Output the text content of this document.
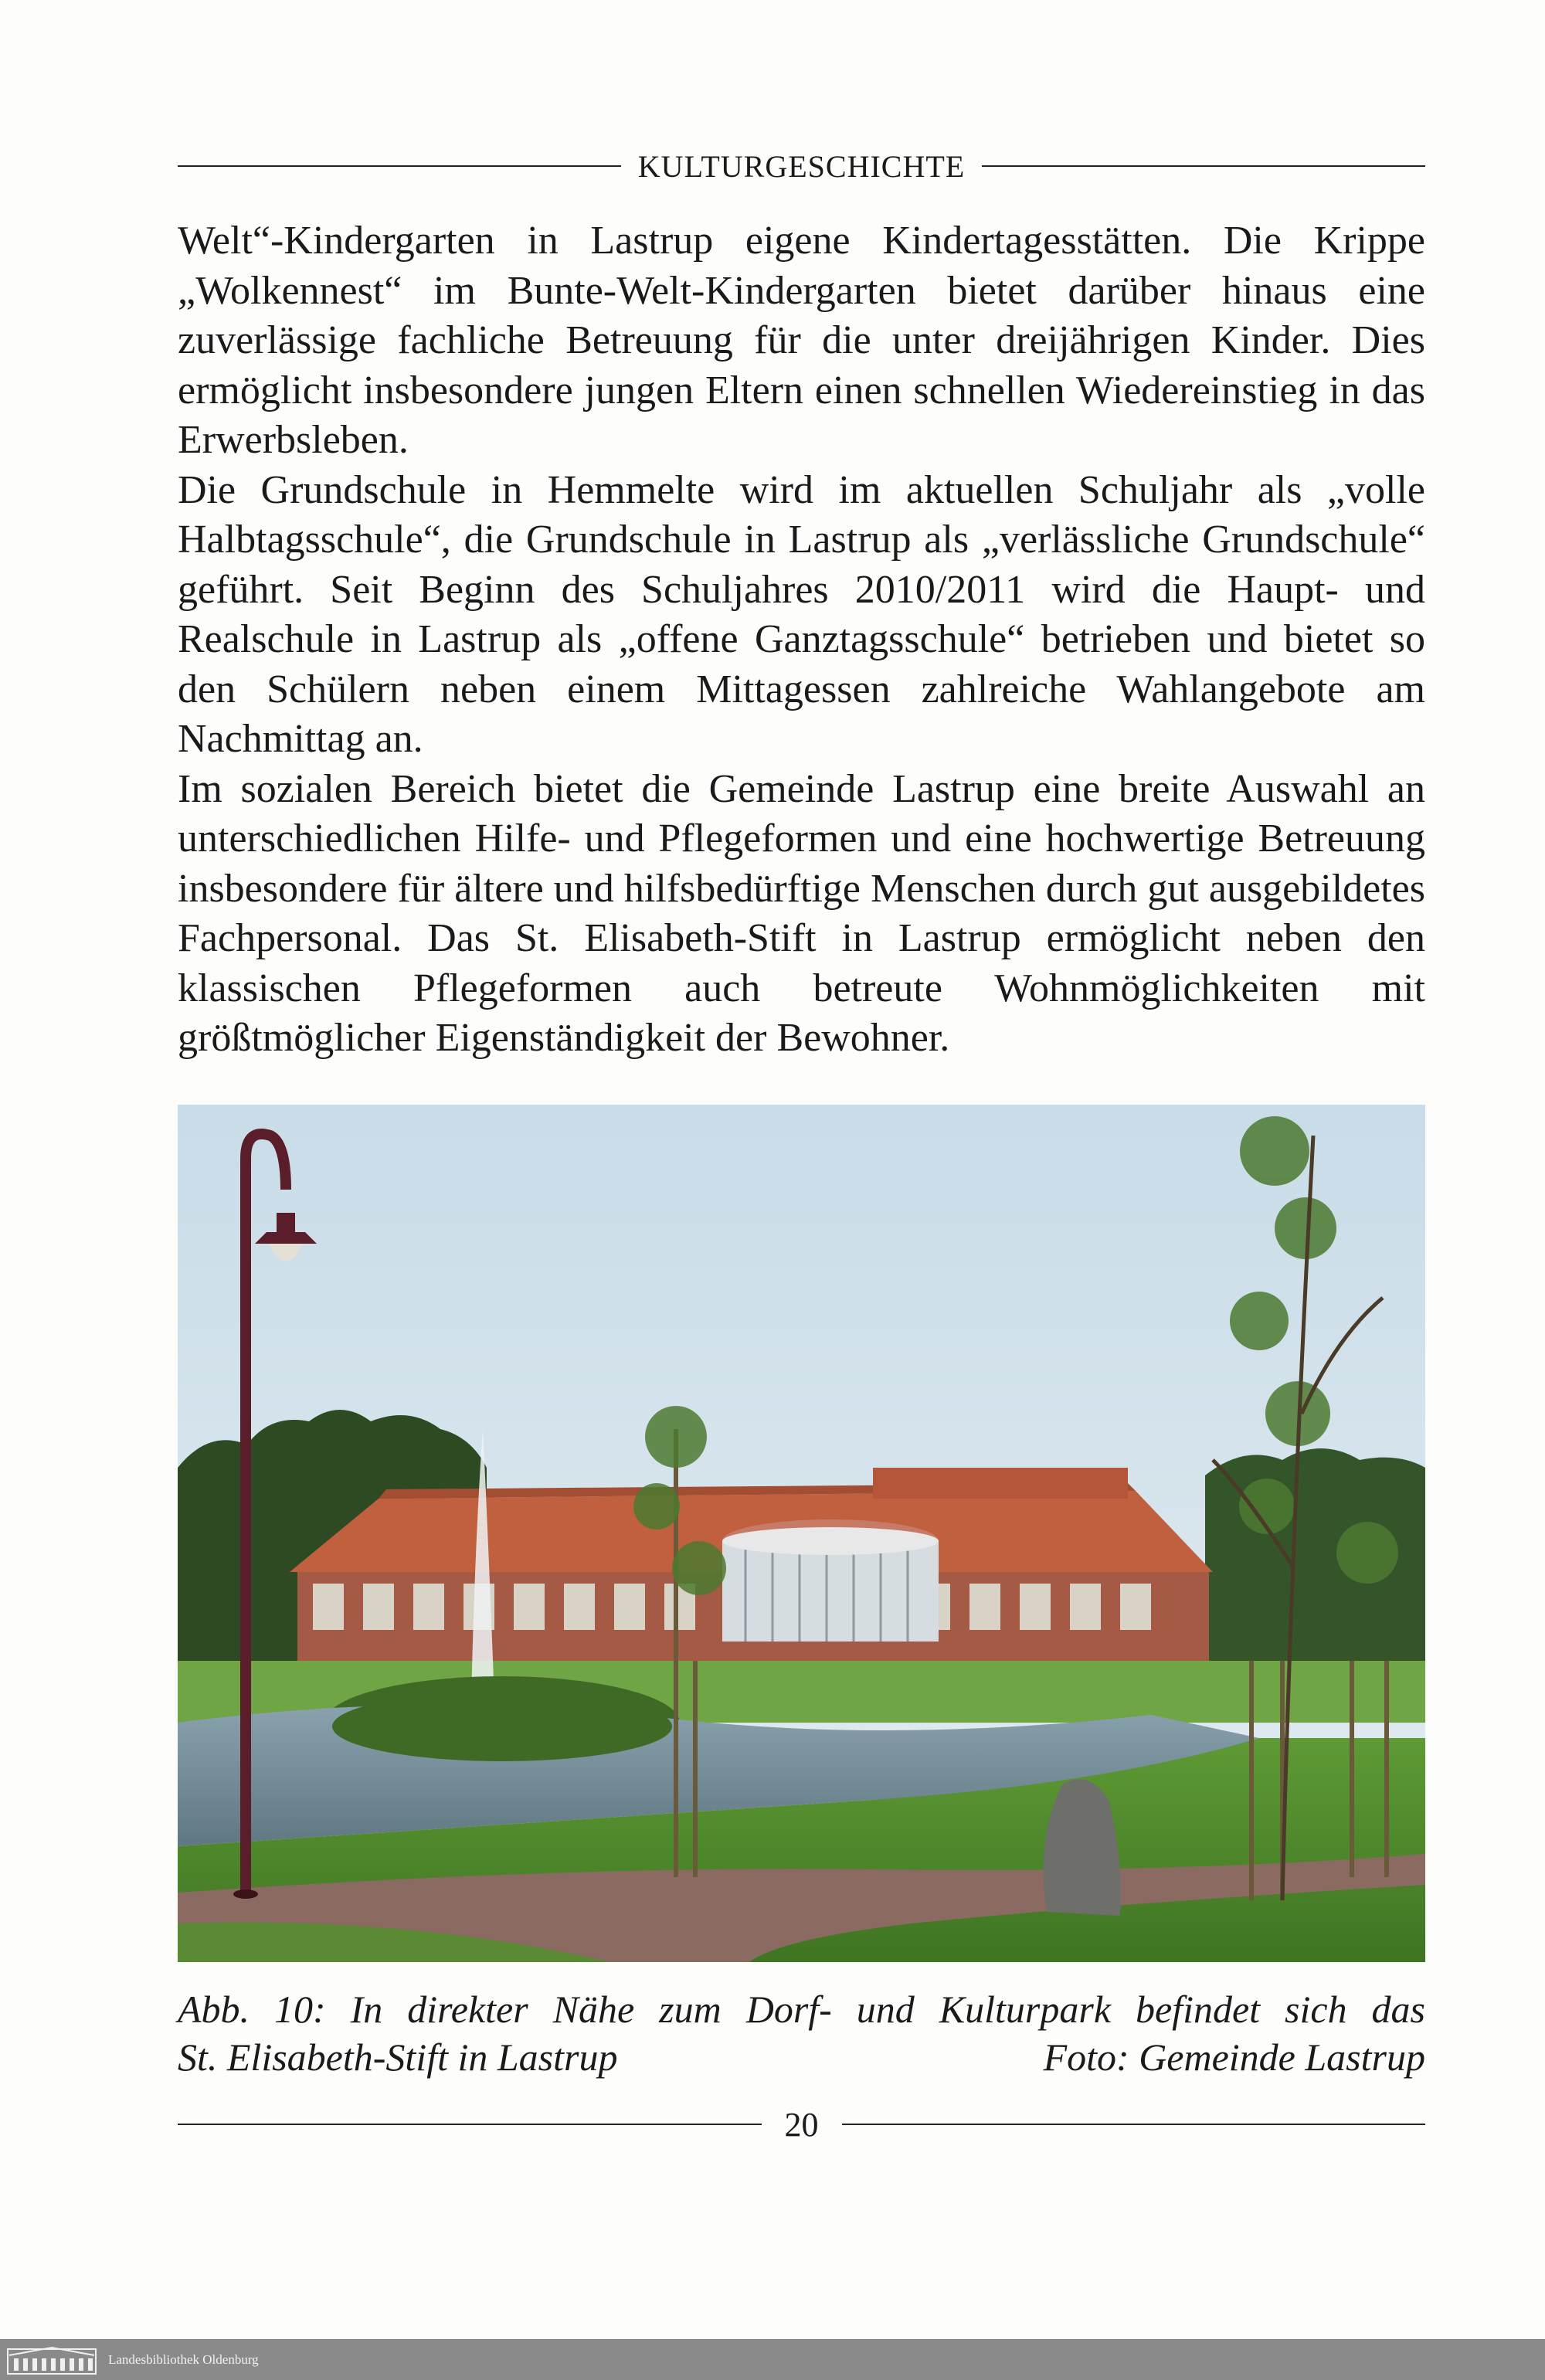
KULTURGESCHICHTE

Welt“-Kindergarten in Lastrup eigene Kindertagesstätten. Die Krippe „Wolkennest“ im Bunte-Welt-Kindergarten bietet darüber hinaus eine zuverlässige fachliche Betreuung für die unter dreijährigen Kinder. Dies ermöglicht insbesondere jungen Eltern einen schnellen Wiedereinstieg in das Erwerbsleben.

Die Grundschule in Hemmelte wird im aktuellen Schuljahr als „volle Halbtagsschule“, die Grundschule in Lastrup als „verlässliche Grundschule“ geführt. Seit Beginn des Schuljahres 2010/2011 wird die Haupt- und Realschule in Lastrup als „offene Ganztagsschule“ betrieben und bietet so den Schülern neben einem Mittagessen zahlreiche Wahlangebote am Nachmittag an.

Im sozialen Bereich bietet die Gemeinde Lastrup eine breite Auswahl an unterschiedlichen Hilfe- und Pflegeformen und eine hochwertige Betreuung insbesondere für ältere und hilfsbedürftige Menschen durch gut ausgebildetes Fachpersonal. Das St. Elisabeth-Stift in Lastrup ermöglicht neben den klassischen Pflegeformen auch betreute Wohnmöglichkeiten mit größtmöglicher Eigenständigkeit der Bewohner.

Abb. 10: In direkter Nähe zum Dorf- und Kulturpark befindet sich das
St. Elisabeth-Stift in Lastrup	Foto: Gemeinde Lastrup
20
Landesbibliothek Oldenburg
